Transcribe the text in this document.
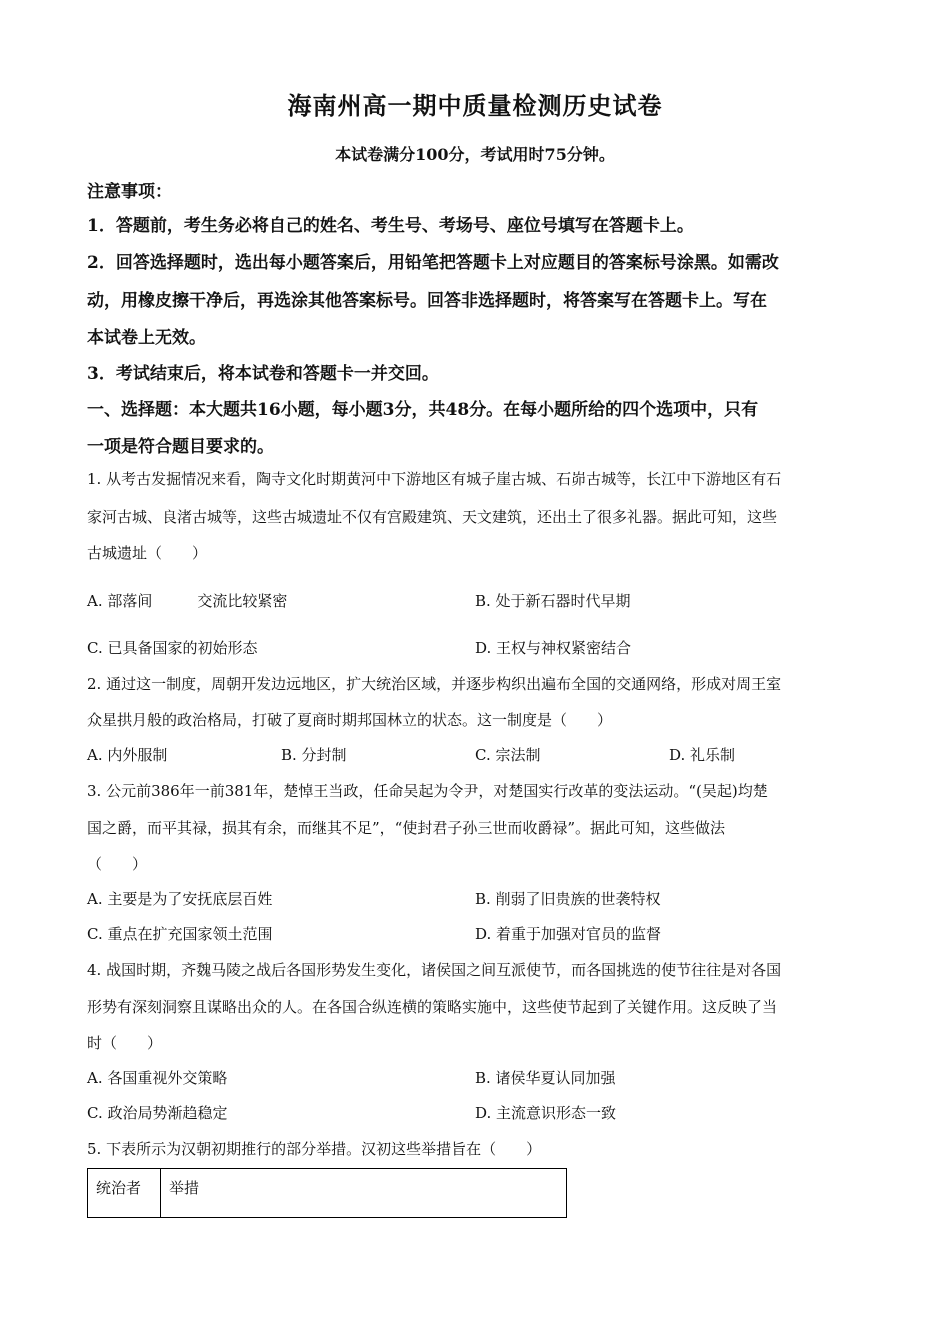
海南州高一期中质量检测历史试卷
本试卷满分100分，考试用时75分钟。
注意事项：
1．答题前，考生务必将自己的姓名、考生号、考场号、座位号填写在答题卡上。
2．回答选择题时，选出每小题答案后，用铅笔把答题卡上对应题目的答案标号涂黑。如需改
动，用橡皮擦干净后，再选涂其他答案标号。回答非选择题时，将答案写在答题卡上。写在
本试卷上无效。
3．考试结束后，将本试卷和答题卡一并交回。
一、选择题：本大题共16小题，每小题3分，共48分。在每小题所给的四个选项中，只有
一项是符合题目要求的。
1. 从考古发掘情况来看，陶寺文化时期黄河中下游地区有城子崖古城、石峁古城等，长江中下游地区有石
家河古城、良渚古城等，这些古城遗址不仅有宫殿建筑、天文建筑，还出土了很多礼器。据此可知，这些
古城遗址（　　）
A. 部落间　　　交流比较紧密	B. 处于新石器时代早期
C. 已具备国家的初始形态	D. 王权与神权紧密结合
2. 通过这一制度，周朝开发边远地区，扩大统治区域，并逐步构织出遍布全国的交通网络，形成对周王室
众星拱月般的政治格局，打破了夏商时期邦国林立的状态。这一制度是（　　）
A. 内外服制	B. 分封制	C. 宗法制	D. 礼乐制
3. 公元前386年一前381年，楚悼王当政，任命吴起为令尹，对楚国实行改革的变法运动。“(吴起)均楚
国之爵，而平其禄，损其有余，而继其不足”，“使封君子孙三世而收爵禄”。据此可知，这些做法
（　　）
A. 主要是为了安抚底层百姓	B. 削弱了旧贵族的世袭特权
C. 重点在扩充国家领土范围	D. 着重于加强对官员的监督
4. 战国时期，齐魏马陵之战后各国形势发生变化，诸侯国之间互派使节，而各国挑选的使节往往是对各国
形势有深刻洞察且谋略出众的人。在各国合纵连横的策略实施中，这些使节起到了关键作用。这反映了当
时（　　）
A. 各国重视外交策略	B. 诸侯华夏认同加强
C. 政治局势渐趋稳定	D. 主流意识形态一致
5. 下表所示为汉朝初期推行的部分举措。汉初这些举措旨在（　　）
统治者	举措
